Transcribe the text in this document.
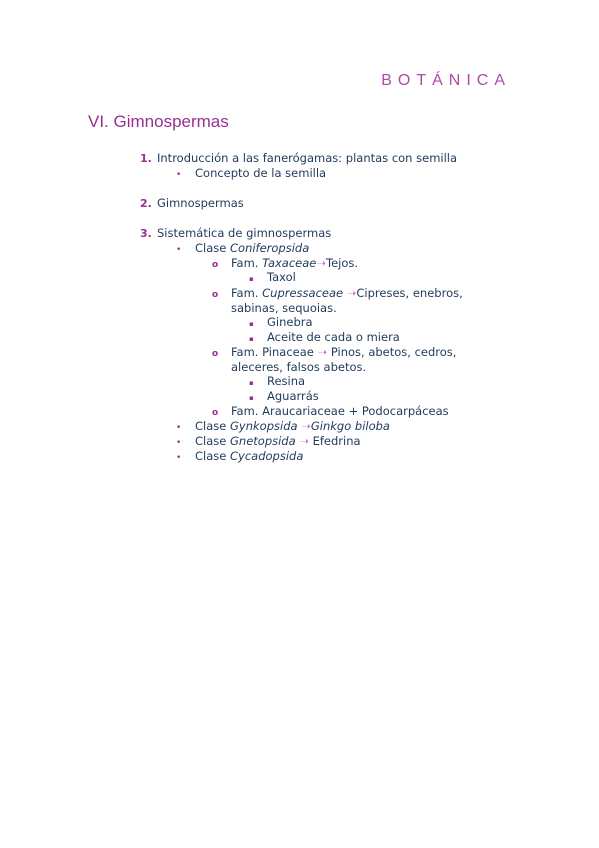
BOTÁNICA
VI. Gimnospermas
1. Introducción a las fanerógamas: plantas con semilla
• Concepto de la semilla
2. Gimnospermas
3. Sistemática de gimnospermas
• Clase Coniferopsida
o Fam. Taxaceae➝Tejos.
▪ Taxol
o Fam. Cupressaceae ➝Cipreses, enebros,
sabinas, sequoias.
▪ Ginebra
▪ Aceite de cada o miera
o Fam. Pinaceae ➝ Pinos, abetos, cedros,
aleceres, falsos abetos.
▪ Resina
▪ Aguarrás
o Fam. Araucariaceae + Podocarpáceas
• Clase Gynkopsida ➝Ginkgo biloba
• Clase Gnetopsida ➝ Efedrina
• Clase Cycadopsida
